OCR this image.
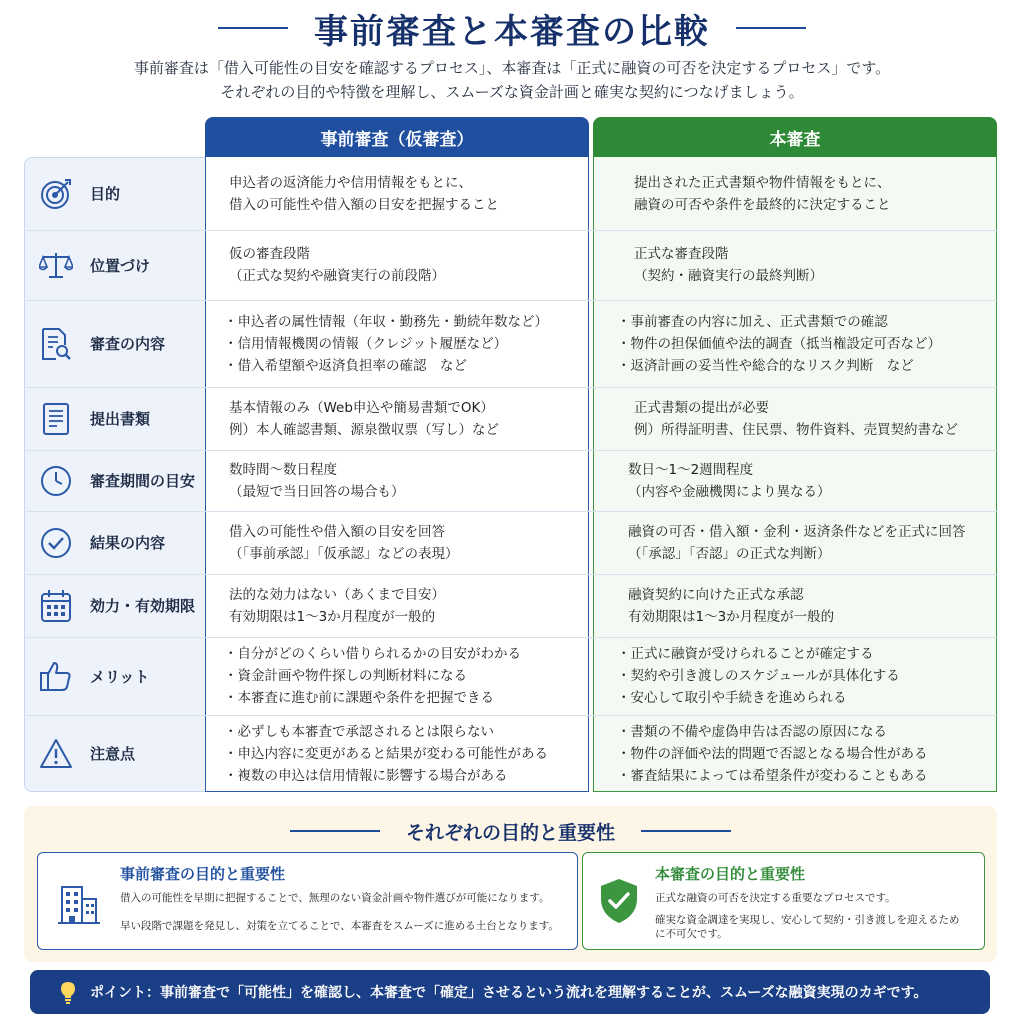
事前審査と本審査の比較
事前審査は「借入可能性の目安を確認するプロセス」、本審査は「正式に融資の可否を決定するプロセス」です。
それぞれの目的や特徴を理解し、スムーズな資金計画と確実な契約につなげましょう。
事前審査（仮審査）	本審査
目的
申込者の返済能力や信用情報をもとに、
借入の可能性や借入額の目安を把握すること
提出された正式書類や物件情報をもとに、
融資の可否や条件を最終的に決定すること
位置づけ
仮の審査段階
（正式な契約や融資実行の前段階）
正式な審査段階
（契約・融資実行の最終判断）
審査の内容
・申込者の属性情報（年収・勤務先・勤続年数など）
・信用情報機関の情報（クレジット履歴など）
・借入希望額や返済負担率の確認　など
・事前審査の内容に加え、正式書類での確認
・物件の担保価値や法的調査（抵当権設定可否など）
・返済計画の妥当性や総合的なリスク判断　など
提出書類
基本情報のみ（Web申込や簡易書類でOK）
例）本人確認書類、源泉徴収票（写し）など
正式書類の提出が必要
例）所得証明書、住民票、物件資料、売買契約書など
審査期間の目安
数時間〜数日程度
（最短で当日回答の場合も）
数日〜1〜2週間程度
（内容や金融機関により異なる）
結果の内容
借入の可能性や借入額の目安を回答
（「事前承認」「仮承認」などの表現）
融資の可否・借入額・金利・返済条件などを正式に回答
（「承認」「否認」の正式な判断）
効力・有効期限
法的な効力はない（あくまで目安）
有効期限は1〜3か月程度が一般的
融資契約に向けた正式な承認
有効期限は1〜3か月程度が一般的
メリット
・自分がどのくらい借りられるかの目安がわかる
・資金計画や物件探しの判断材料になる
・本審査に進む前に課題や条件を把握できる
・正式に融資が受けられることが確定する
・契約や引き渡しのスケジュールが具体化する
・安心して取引や手続きを進められる
注意点
・必ずしも本審査で承認されるとは限らない
・申込内容に変更があると結果が変わる可能性がある
・複数の申込は信用情報に影響する場合がある
・書類の不備や虚偽申告は否認の原因になる
・物件の評価や法的問題で否認となる場合性がある
・審査結果によっては希望条件が変わることもある
それぞれの目的と重要性
事前審査の目的と重要性
借入の可能性を早期に把握することで、無理のない資金計画や物件選びが可能になります。
早い段階で課題を発見し、対策を立てることで、本審査をスムーズに進める土台となります。
本審査の目的と重要性
正式な融資の可否を決定する重要なプロセスです。
確実な資金調達を実現し、安心して契約・引き渡しを迎えるため
に不可欠です。
ポイント：事前審査で「可能性」を確認し、本審査で「確定」させるという流れを理解することが、スムーズな融資実現のカギです。
